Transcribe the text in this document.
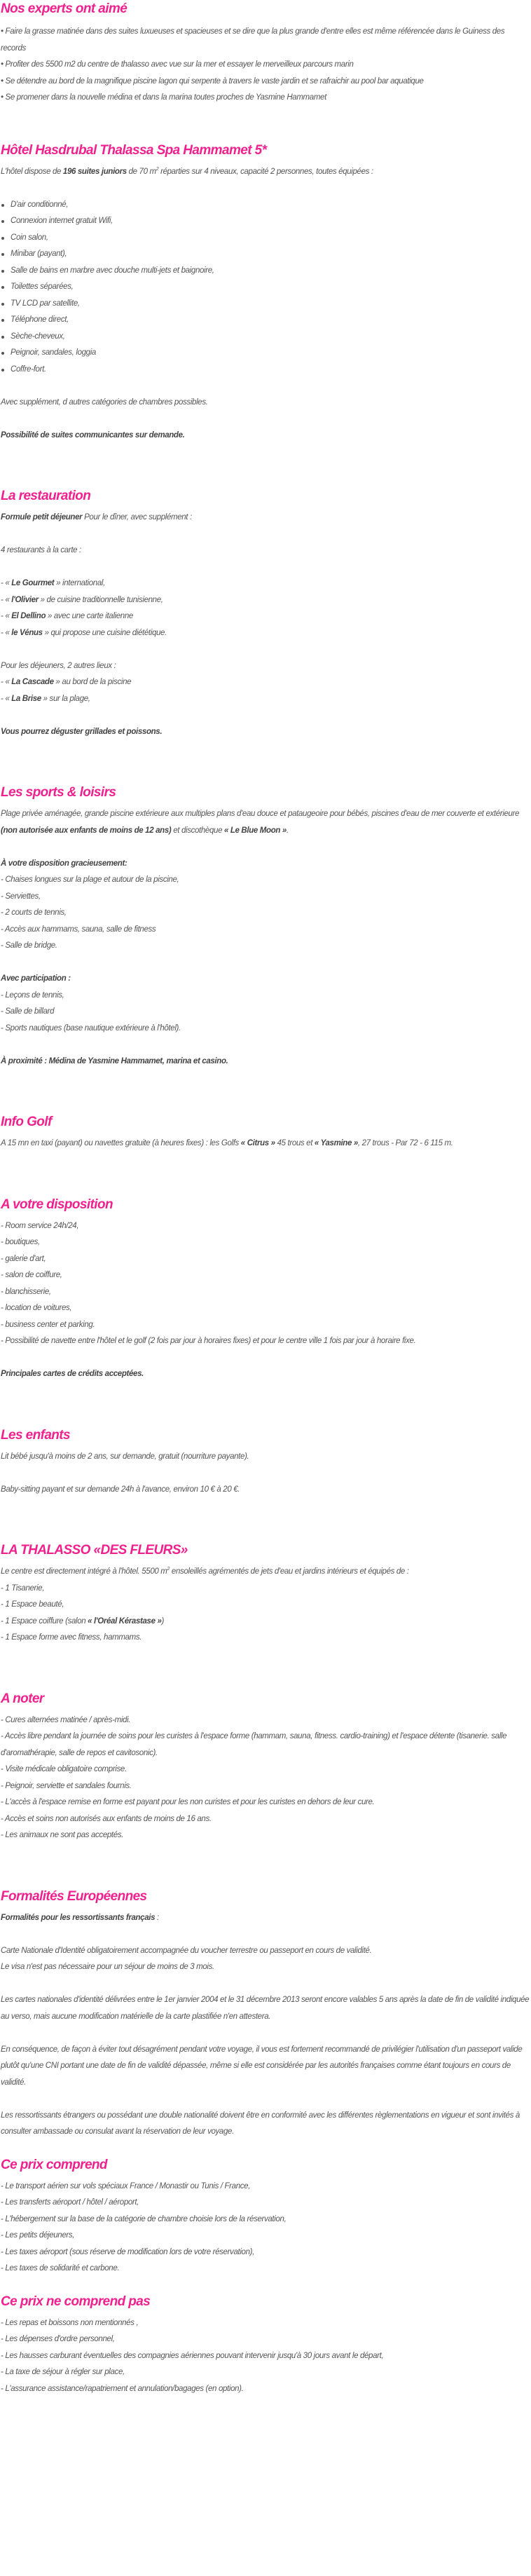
Nos experts ont aimé

• Faire la grasse matinée dans des suites luxueuses et spacieuses et se dire que la plus grande d'entre elles est même référencée dans le Guiness des records

• Profiter des 5500 m2 du centre de thalasso avec vue sur la mer et essayer le merveilleux parcours marin

• Se détendre au bord de la magnifique piscine lagon qui serpente à travers le vaste jardin et se rafraichir au pool bar aquatique

• Se promener dans la nouvelle médina et dans la marina toutes proches de Yasmine Hammamet

Hôtel Hasdrubal Thalassa Spa Hammamet 5*

L'hôtel dispose de 196 suites juniors de 70 $m^2$ réparties sur 4 niveaux, capacité 2 personnes, toutes équipées :

D'air conditionné,
Connexion internet gratuit Wifi,
Coin salon,
Minibar (payant),
Salle de bains en marbre avec douche multi-jets et baignoire,
Toilettes séparées,
TV LCD par satellite,
Téléphone direct,
Sèche-cheveux,
Peignoir, sandales, loggia
Coffre-fort.

Avec supplément, d autres catégories de chambres possibles.

Possibilité de suites communicantes sur demande.

La restauration

Formule petit déjeuner Pour le dîner, avec supplément :

4 restaurants à la carte :

- « Le Gourmet » international,

- « l'Olivier » de cuisine traditionnelle tunisienne,

- « El Dellino » avec une carte italienne

- « le Vénus » qui propose une cuisine diététique.

Pour les déjeuners, 2 autres lieux :

- « La Cascade » au bord de la piscine

- « La Brise » sur la plage,

Vous pourrez déguster grillades et poissons.

Les sports & loisirs

Plage privée aménagée, grande piscine extérieure aux multiples plans d'eau douce et pataugeoire pour bébés, piscines d'eau de mer couverte et extérieure (non autorisée aux enfants de moins de 12 ans) et discothèque « Le Blue Moon ».

À votre disposition gracieusement:

- Chaises longues sur la plage et autour de la piscine,

- Serviettes,

- 2 courts de tennis,

- Accès aux hammams, sauna, salle de fitness

- Salle de bridge.

Avec participation :

- Leçons de tennis,

- Salle de billard

- Sports nautiques (base nautique extérieure à l'hôtel).

À proximité : Médina de Yasmine Hammamet, marina et casino.

Info Golf

A 15 mn en taxi (payant) ou navettes gratuite (à heures fixes) : les Golfs « Citrus » 45 trous et « Yasmine », 27 trous - Par 72 - 6 115 m.

A votre disposition

- Room service 24h/24,

- boutiques,

- galerie d'art,

- salon de coiffure,

- blanchisserie,

- location de voitures,

- business center et parking.

- Possibilité de navette entre l'hôtel et le golf (2 fois par jour à horaires fixes) et pour le centre ville 1 fois par jour à horaire fixe.

Principales cartes de crédits acceptées.

Les enfants

Lit bébé jusqu'à moins de 2 ans, sur demande, gratuit (nourriture payante).

Baby-sitting payant et sur demande 24h à l'avance, environ 10 € à 20 €.

LA THALASSO «DES FLEURS»

Le centre est directement intégré à l'hôtel. 5500 $m^2$ ensoleillés agrémentés de jets d'eau et jardins intérieurs et équipés de :

- 1 Tisanerie,

- 1 Espace beauté,

- 1 Espace coiffure (salon « l'Oréal Kérastase »)

- 1 Espace forme avec fitness, hammams.

A noter

- Cures alternées matinée / après-midi.

- Accès libre pendant la journée de soins pour les curistes à l'espace forme (hammam, sauna, fitness. cardio-training) et l'espace détente (tisanerie. salle d'aromathérapie, salle de repos et cavitosonic).

- Visite médicale obligatoire comprise.

- Peignoir, serviette et sandales fournis.

- L'accès à l'espace remise en forme est payant pour les non curistes et pour les curistes en dehors de leur cure.

- Accès et soins non autorisés aux enfants de moins de 16 ans.

- Les animaux ne sont pas acceptés.

Formalités Européennes

Formalités pour les ressortissants français :

Carte Nationale d'Identité obligatoirement accompagnée du voucher terrestre ou passeport en cours de validité.

Le visa n'est pas nécessaire pour un séjour de moins de 3 mois.

Les cartes nationales d'identité délivrées entre le 1er janvier 2004 et le 31 décembre 2013 seront encore valables 5 ans après la date de fin de validité indiquée au verso, mais aucune modification matérielle de la carte plastifiée n'en attestera.

En conséquence, de façon à éviter tout désagrément pendant votre voyage, il vous est fortement recommandé de privilégier l'utilisation d'un passeport valide plutôt qu'une CNI portant une date de fin de validité dépassée, même si elle est considérée par les autorités françaises comme étant toujours en cours de validité.

Les ressortissants étrangers ou possédant une double nationalité doivent être en conformité avec les différentes règlementations en vigueur et sont invités à consulter ambassade ou consulat avant la réservation de leur voyage.

Ce prix comprend

- Le transport aérien sur vols spéciaux France / Monastir ou Tunis / France,

- Les transferts aéroport / hôtel / aéroport,

- L'hébergement sur la base de la catégorie de chambre choisie lors de la réservation,

- Les petits déjeuners,

- Les taxes aéroport (sous réserve de modification lors de votre réservation),

- Les taxes de solidarité et carbone.

Ce prix ne comprend pas

- Les repas et boissons non mentionnés ,

- Les dépenses d'ordre personnel,

- Les hausses carburant éventuelles des compagnies aériennes pouvant intervenir jusqu'à 30 jours avant le départ,

- La taxe de séjour à régler sur place,

- L'assurance assistance/rapatriement et annulation/bagages (en option).
